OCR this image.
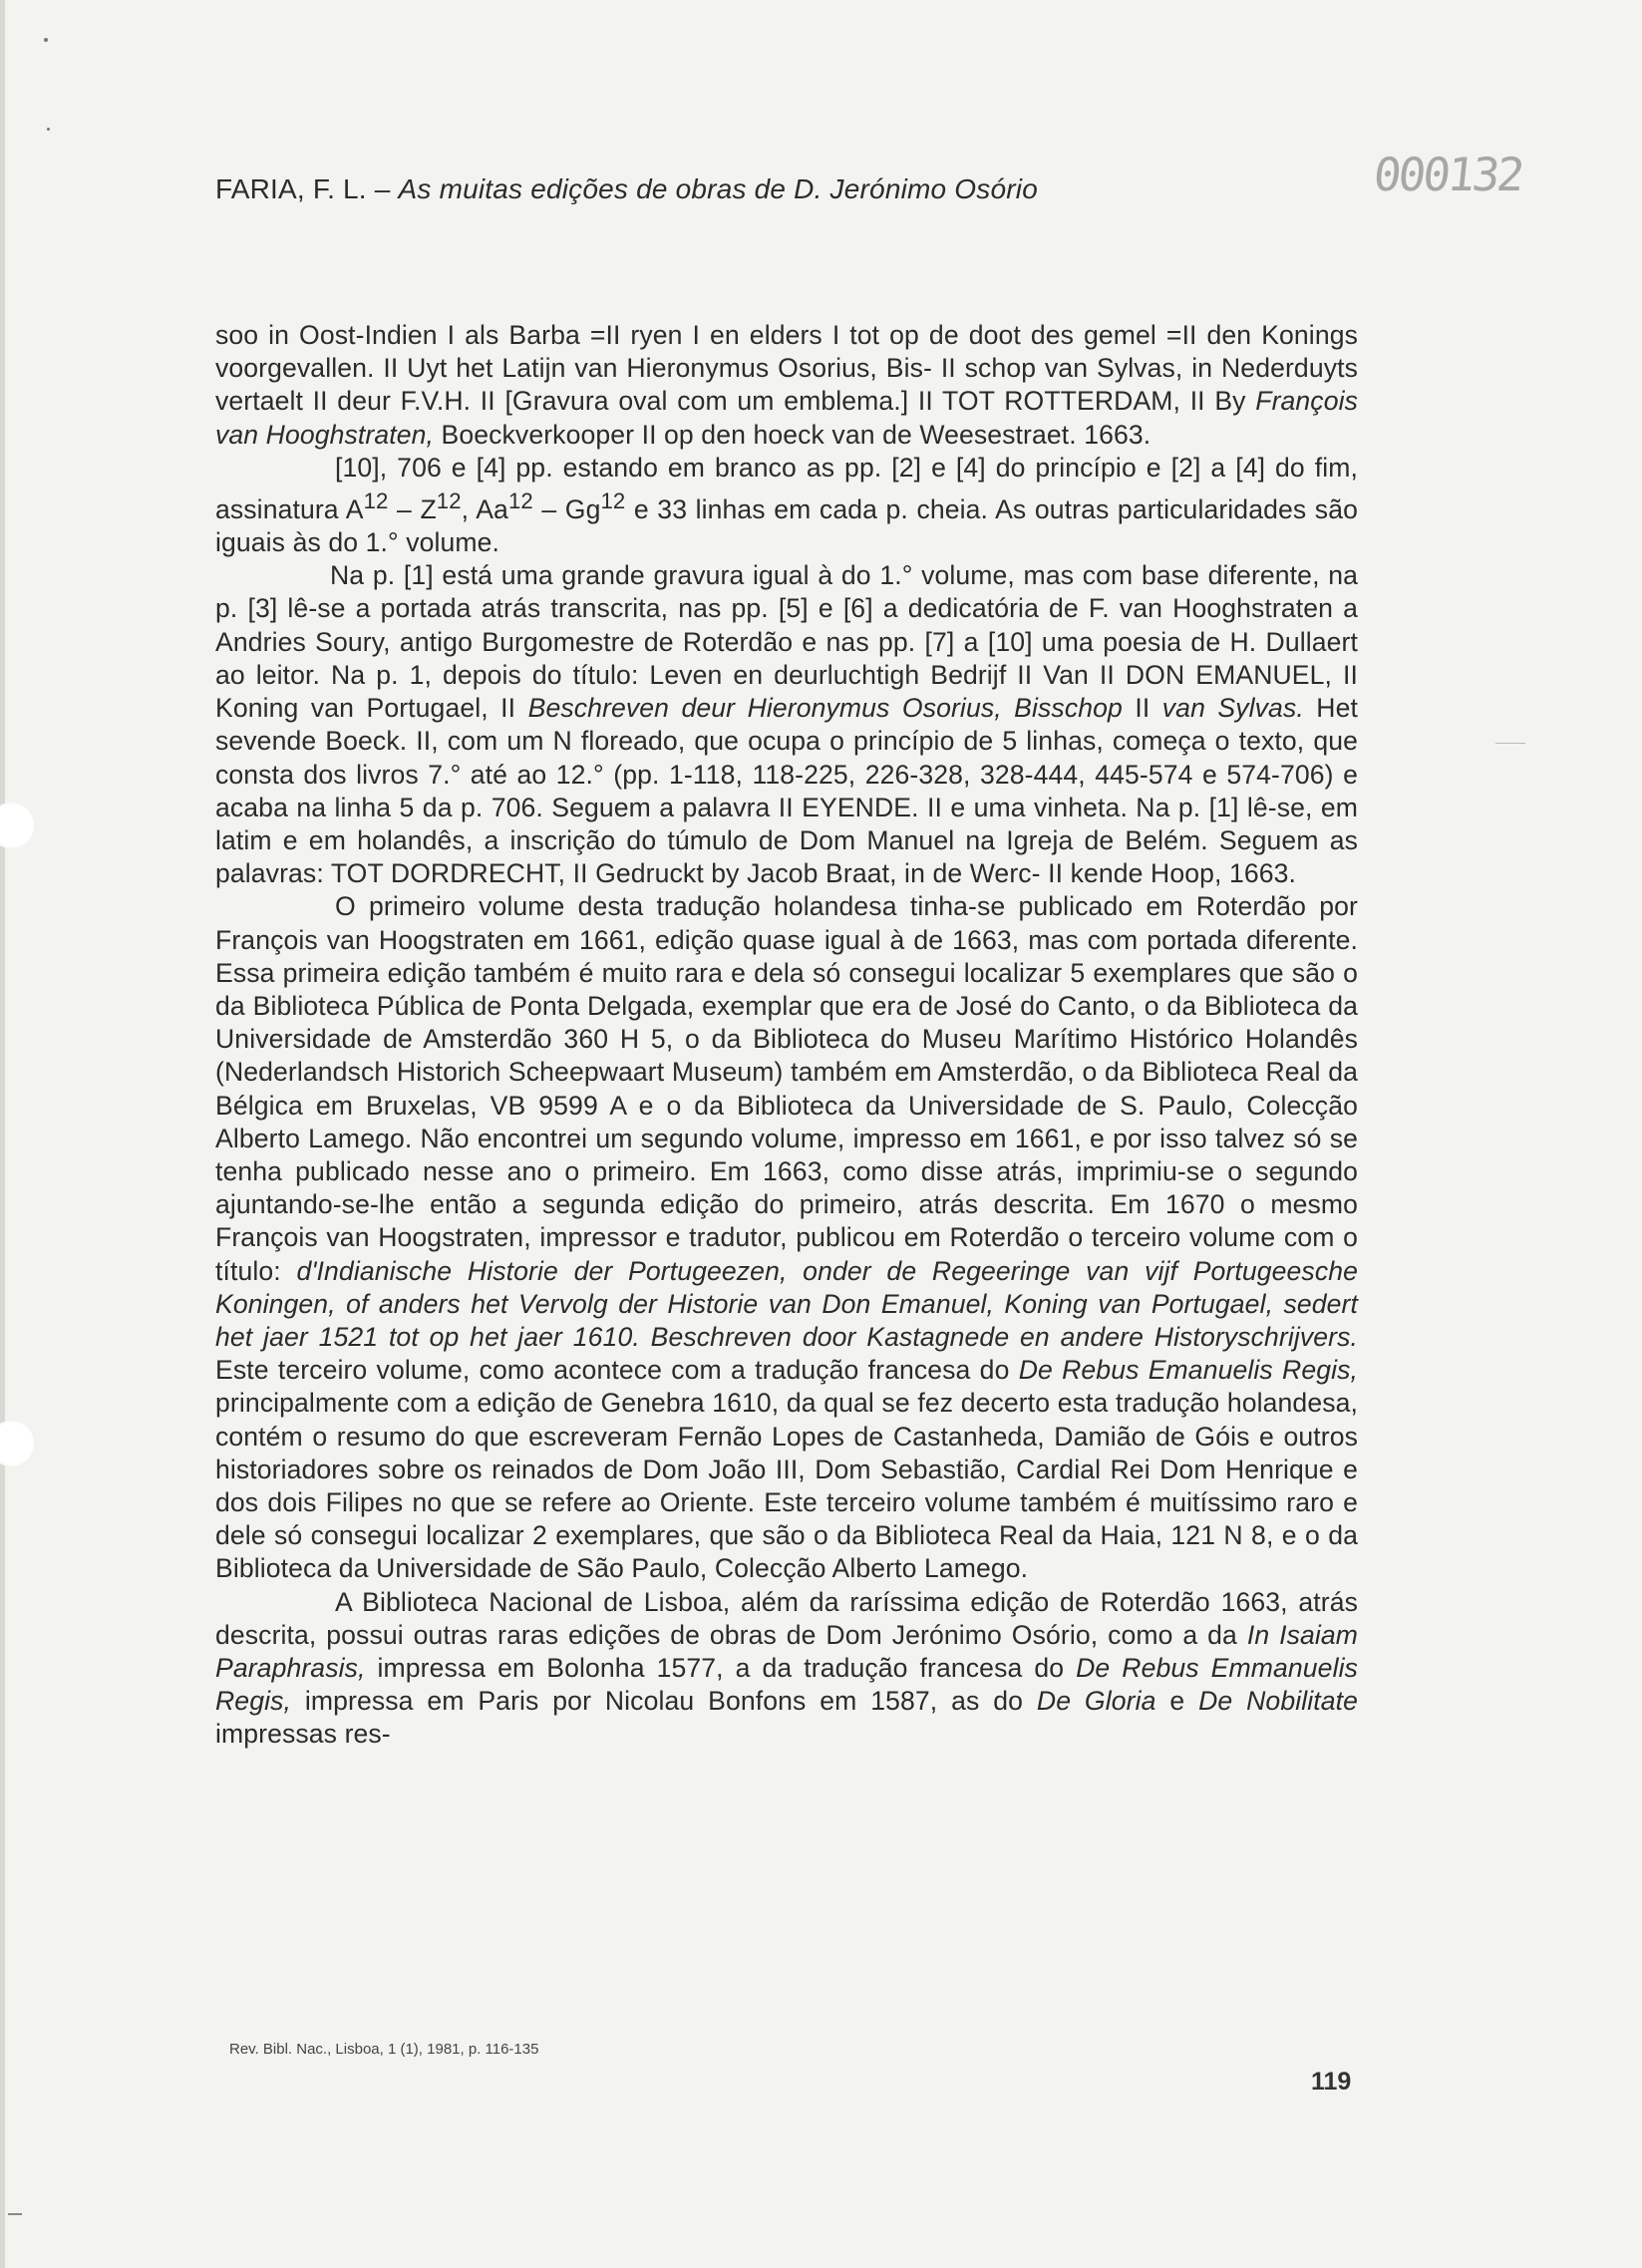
FARIA, F. L. – As muitas edições de obras de D. Jerónimo Osório	000132

soo in Oost-Indien I als Barba =II ryen I en elders I tot op de doot des gemel =II den Konings voorgevallen. II Uyt het Latijn van Hieronymus Osorius, Bis- II schop van Sylvas, in Nederduyts vertaelt II deur F.V.H. II [Gravura oval com um emblema.] II TOT ROTTERDAM, II By François van Hooghstraten, Boeckverkooper II op den hoeck van de Weesestraet. 1663.

[10], 706 e [4] pp. estando em branco as pp. [2] e [4] do princípio e [2] a [4] do fim, assinatura $A^{12} - Z^{12}$, Aa$^{12}$ – Gg$^{12}$ e 33 linhas em cada p. cheia. As outras particularidades são iguais às do 1.° volume.

Na p. [1] está uma grande gravura igual à do 1.° volume, mas com base diferente, na p. [3] lê-se a portada atrás transcrita, nas pp. [5] e [6] a dedicatória de F. van Hooghstraten a Andries Soury, antigo Burgomestre de Roterdão e nas pp. [7] a [10] uma poesia de H. Dullaert ao leitor. Na p. 1, depois do título: Leven en deurluchtigh Bedrijf II Van II DON EMANUEL, II Koning van Portugael, II Beschreven deur Hieronymus Osorius, Bisschop II van Sylvas. Het sevende Boeck. II, com um N floreado, que ocupa o princípio de 5 linhas, começa o texto, que consta dos livros 7.° até ao 12.° (pp. 1-118, 118-225, 226-328, 328-444, 445-574 e 574-706) e acaba na linha 5 da p. 706. Seguem a palavra II EYENDE. II e uma vinheta. Na p. [1] lê-se, em latim e em holandês, a inscrição do túmulo de Dom Manuel na Igreja de Belém. Seguem as palavras: TOT DORDRECHT, II Gedruckt by Jacob Braat, in de Werc- II kende Hoop, 1663.

O primeiro volume desta tradução holandesa tinha-se publicado em Roterdão por François van Hoogstraten em 1661, edição quase igual à de 1663, mas com portada diferente. Essa primeira edição também é muito rara e dela só consegui localizar 5 exemplares que são o da Biblioteca Pública de Ponta Delgada, exemplar que era de José do Canto, o da Biblioteca da Universidade de Amsterdão 360 H 5, o da Biblioteca do Museu Marítimo Histórico Holandês (Nederlandsch Historich Scheepwaart Museum) também em Amsterdão, o da Biblioteca Real da Bélgica em Bruxelas, VB 9599 A e o da Biblioteca da Universidade de S. Paulo, Colecção Alberto Lamego. Não encontrei um segundo volume, impresso em 1661, e por isso talvez só se tenha publicado nesse ano o primeiro. Em 1663, como disse atrás, imprimiu-se o segundo ajuntando-se-lhe então a segunda edição do primeiro, atrás descrita. Em 1670 o mesmo François van Hoogstraten, impressor e tradutor, publicou em Roterdão o terceiro volume com o título: d'Indianische Historie der Portugeezen, onder de Regeeringe van vijf Portugeesche Koningen, of anders het Vervolg der Historie van Don Emanuel, Koning van Portugael, sedert het jaer 1521 tot op het jaer 1610. Beschreven door Kastagnede en andere Historyschrijvers. Este terceiro volume, como acontece com a tradução francesa do De Rebus Emanuelis Regis, principalmente com a edição de Genebra 1610, da qual se fez decerto esta tradução holandesa, contém o resumo do que escreveram Fernão Lopes de Castanheda, Damião de Góis e outros historiadores sobre os reinados de Dom João III, Dom Sebastião, Cardial Rei Dom Henrique e dos dois Filipes no que se refere ao Oriente. Este terceiro volume também é muitíssimo raro e dele só consegui localizar 2 exemplares, que são o da Biblioteca Real da Haia, 121 N 8, e o da Biblioteca da Universidade de São Paulo, Colecção Alberto Lamego.

A Biblioteca Nacional de Lisboa, além da raríssima edição de Roterdão 1663, atrás descrita, possui outras raras edições de obras de Dom Jerónimo Osório, como a da In Isaiam Paraphrasis, impressa em Bolonha 1577, a da tradução francesa do De Rebus Emmanuelis Regis, impressa em Paris por Nicolau Bonfons em 1587, as do De Gloria e De Nobilitate impressas res-

Rev. Bibl. Nac., Lisboa, 1 (1), 1981, p. 116-135
119
